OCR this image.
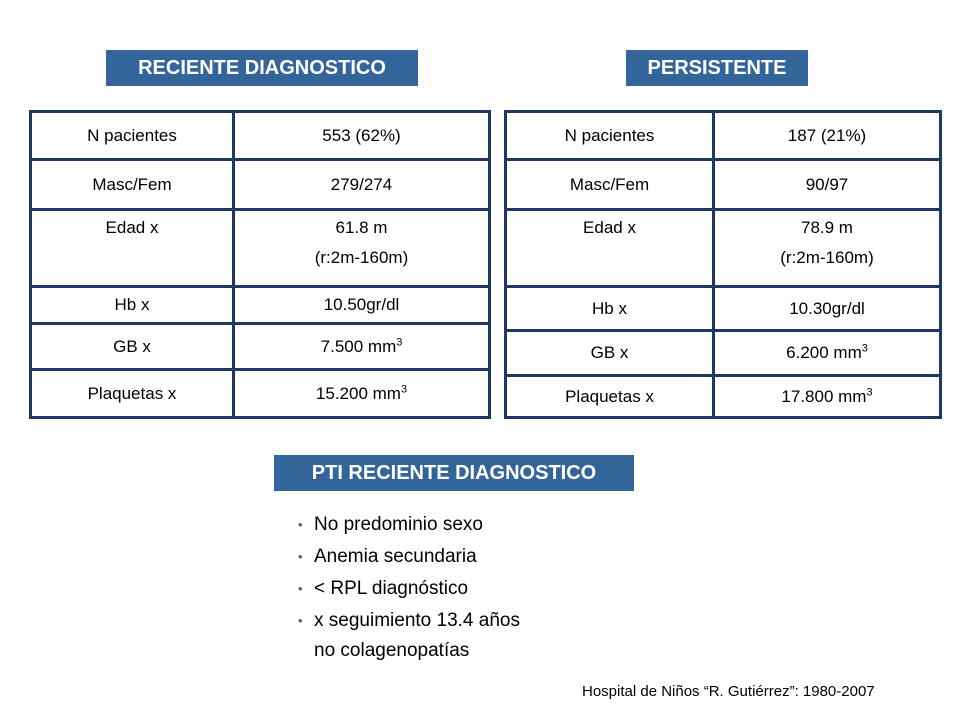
RECIENTE DIAGNOSTICO	PERSISTENTE
N pacientes	553 (62%)
Masc/Fem	279/274
Edad x	61.8 m
(r:2m-160m)

Hb x	10.50gr/dl
GB x	7.500 $mm^3$
Plaquetas x	15.200 $mm^3$
N pacientes	187 (21%)
Masc/Fem	90/97
Edad x	78.9 m
(r:2m-160m)

Hb x	10.30gr/dl
GB x	6.200 $mm^3$
Plaquetas x	17.800 $mm^3$
PTI RECIENTE DIAGNOSTICO
• No predominio sexo
• Anemia secundaria
• < RPL diagnóstico
• x seguimiento 13.4 años
no colagenopatías
Hospital de Niños “R. Gutiérrez”: 1980-2007
